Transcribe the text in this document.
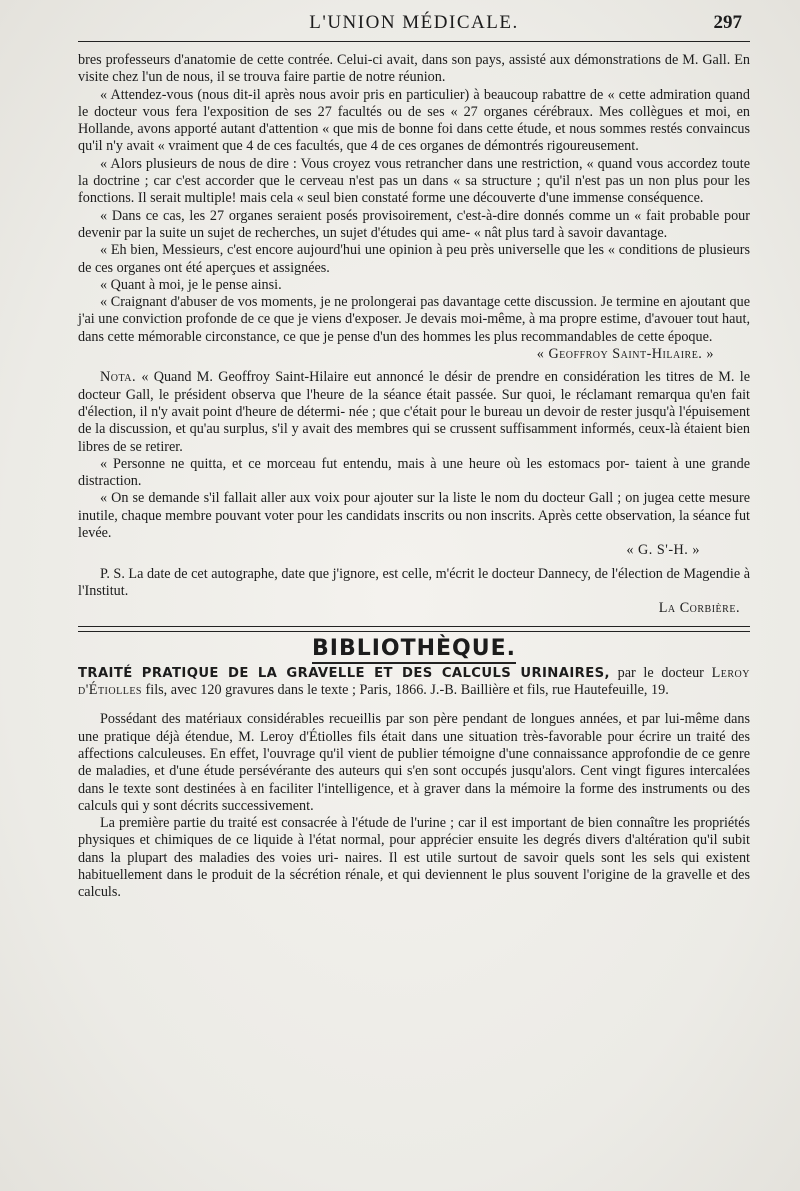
L'UNION MÉDICALE.	297

bres professeurs d'anatomie de cette contrée. Celui-ci avait, dans son pays, assisté aux démonstrations de M. Gall. En visite chez l'un de nous, il se trouva faire partie de notre réunion.

« Attendez-vous (nous dit-il après nous avoir pris en particulier) à beaucoup rabattre de « cette admiration quand le docteur vous fera l'exposition de ses 27 facultés ou de ses « 27 organes cérébraux. Mes collègues et moi, en Hollande, avons apporté autant d'attention « que mis de bonne foi dans cette étude, et nous sommes restés convaincus qu'il n'y avait « vraiment que 4 de ces facultés, que 4 de ces organes de démontrés rigoureusement.

« Alors plusieurs de nous de dire : Vous croyez vous retrancher dans une restriction, « quand vous accordez toute la doctrine ; car c'est accorder que le cerveau n'est pas un dans « sa structure ; qu'il n'est pas un non plus pour les fonctions. Il serait multiple! mais cela « seul bien constaté forme une découverte d'une immense conséquence.

« Dans ce cas, les 27 organes seraient posés provisoirement, c'est-à-dire donnés comme un « fait probable pour devenir par la suite un sujet de recherches, un sujet d'études qui ame- « nât plus tard à savoir davantage.

« Eh bien, Messieurs, c'est encore aujourd'hui une opinion à peu près universelle que les « conditions de plusieurs de ces organes ont été aperçues et assignées.

« Quant à moi, je le pense ainsi.

« Craignant d'abuser de vos moments, je ne prolongerai pas davantage cette discussion. Je termine en ajoutant que j'ai une conviction profonde de ce que je viens d'exposer. Je devais moi-même, à ma propre estime, d'avouer tout haut, dans cette mémorable circonstance, ce que je pense d'un des hommes les plus recommandables de cette époque.

« Geoffroy Saint-Hilaire. »

Nota. « Quand M. Geoffroy Saint-Hilaire eut annoncé le désir de prendre en considération les titres de M. le docteur Gall, le président observa que l'heure de la séance était passée. Sur quoi, le réclamant remarqua qu'en fait d'élection, il n'y avait point d'heure de détermi- née ; que c'était pour le bureau un devoir de rester jusqu'à l'épuisement de la discussion, et qu'au surplus, s'il y avait des membres qui se crussent suffisamment informés, ceux-là étaient bien libres de se retirer.

« Personne ne quitta, et ce morceau fut entendu, mais à une heure où les estomacs por- taient à une grande distraction.

« On se demande s'il fallait aller aux voix pour ajouter sur la liste le nom du docteur Gall ; on jugea cette mesure inutile, chaque membre pouvant voter pour les candidats inscrits ou non inscrits. Après cette observation, la séance fut levée.

« G. S'-H. »

P. S. La date de cet autographe, date que j'ignore, est celle, m'écrit le docteur Dannecy, de l'élection de Magendie à l'Institut.

La Corbière.

BIBLIOTHÈQUE.

TRAITÉ PRATIQUE DE LA GRAVELLE ET DES CALCULS URINAIRES, par le docteur Leroy d'Étiolles fils, avec 120 gravures dans le texte ; Paris, 1866. J.-B. Baillière et fils, rue Hautefeuille, 19.

Possédant des matériaux considérables recueillis par son père pendant de longues années, et par lui-même dans une pratique déjà étendue, M. Leroy d'Étiolles fils était dans une situation très-favorable pour écrire un traité des affections calculeuses. En effet, l'ouvrage qu'il vient de publier témoigne d'une connaissance approfondie de ce genre de maladies, et d'une étude persévérante des auteurs qui s'en sont occupés jusqu'alors. Cent vingt figures intercalées dans le texte sont destinées à en faciliter l'intelligence, et à graver dans la mémoire la forme des instruments ou des calculs qui y sont décrits successivement.

La première partie du traité est consacrée à l'étude de l'urine ; car il est important de bien connaître les propriétés physiques et chimiques de ce liquide à l'état normal, pour apprécier ensuite les degrés divers d'altération qu'il subit dans la plupart des maladies des voies uri- naires. Il est utile surtout de savoir quels sont les sels qui existent habituellement dans le produit de la sécrétion rénale, et qui deviennent le plus souvent l'origine de la gravelle et des calculs.
